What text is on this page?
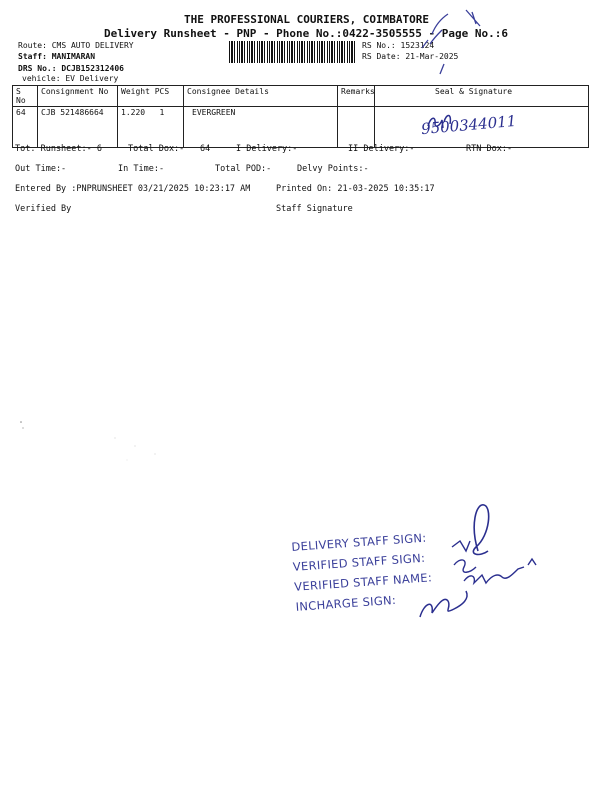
THE PROFESSIONAL COURIERS, COIMBATORE
Delivery Runsheet - PNP - Phone No.:0422-3505555 - Page No.:6
Route: CMS AUTO DELIVERY
Staff: MANIMARAN
DRS No.: DCJB152312406
vehicle: EV Delivery
RS No.: 1523124
RS Date: 21-Mar-2025
S No	Consignment No	Weight PCS	Consignee Details	Remarks	Seal & Signature
64	CJB 521486664	1.220 1	EVERGREEN		9500344011
Tot. Runsheet:- 6	Total Dox:- 64	I Delivery:-	II Delivery:-	RTN Dox:-
Out Time:-	In Time:-	Total POD:-	Delvy Points:-
Entered By :PNPRUNSHEET 03/21/2025 10:23:17 AM	Printed On: 21-03-2025 10:35:17
Verified By	Staff Signature
DELIVERY STAFF SIGN:
VERIFIED STAFF SIGN:
VERIFIED STAFF NAME:
INCHARGE SIGN:
